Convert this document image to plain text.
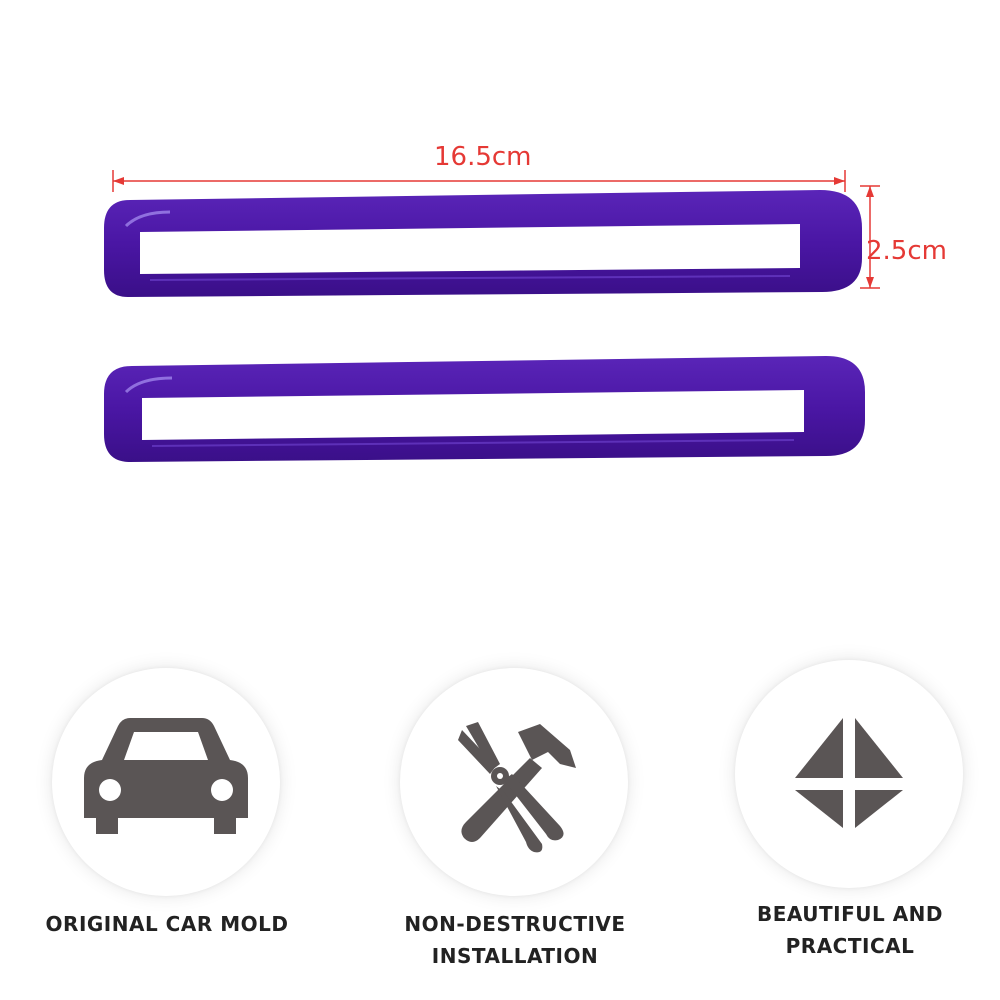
16.5cm
2.5cm
ORIGINAL CAR MOLD	NON-DESTRUCTIVE
INSTALLATION
BEAUTIFUL AND
PRACTICAL
